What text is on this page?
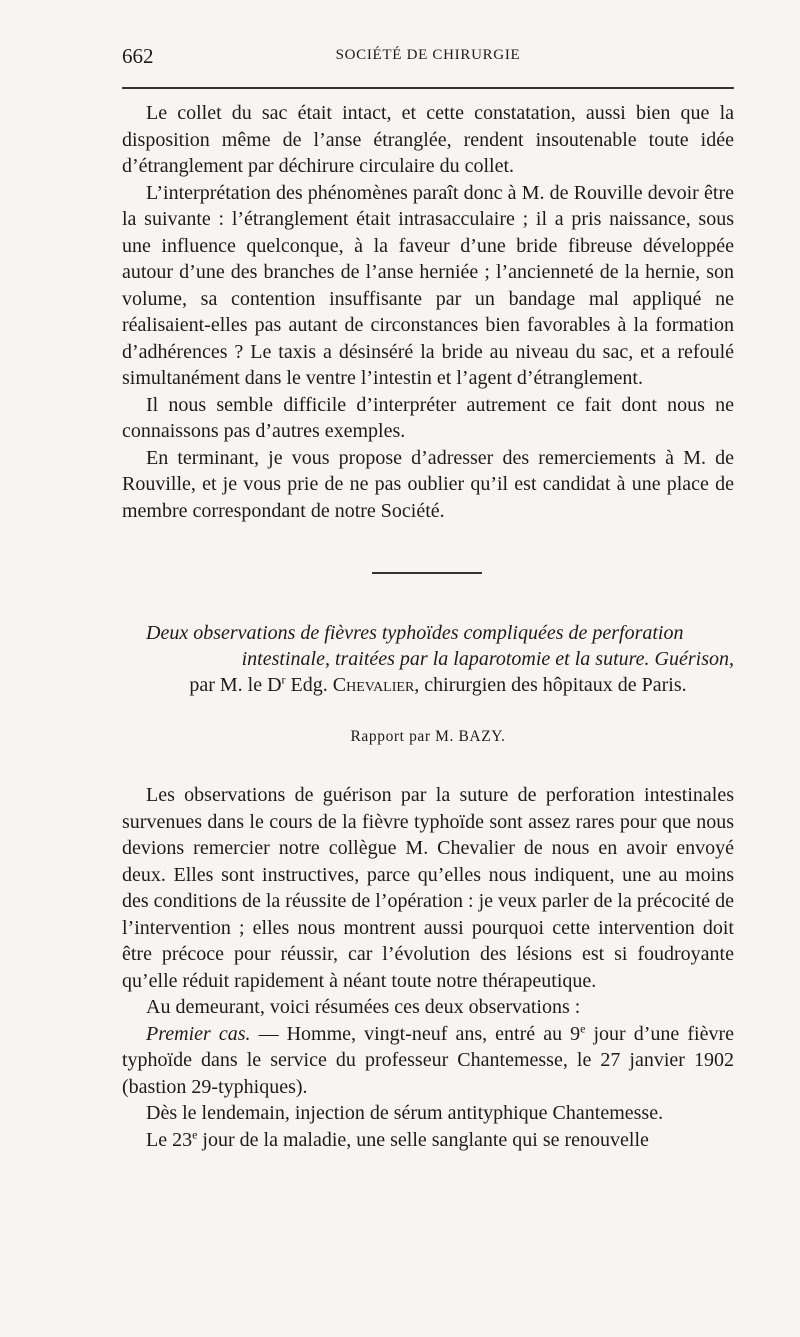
662	SOCIÉTÉ DE CHIRURGIE

Le collet du sac était intact, et cette constatation, aussi bien que la disposition même de l’anse étranglée, rendent insoutenable toute idée d’étranglement par déchirure circulaire du collet.

L’interprétation des phénomènes paraît donc à M. de Rouville devoir être la suivante : l’étranglement était intrasacculaire ; il a pris naissance, sous une influence quelconque, à la faveur d’une bride fibreuse développée autour d’une des branches de l’anse herniée ; l’ancienneté de la hernie, son volume, sa contention insuffisante par un bandage mal appliqué ne réalisaient-elles pas autant de circonstances bien favorables à la formation d’adhérences ? Le taxis a désinséré la bride au niveau du sac, et a refoulé simultanément dans le ventre l’intestin et l’agent d’étranglement.

Il nous semble difficile d’interpréter autrement ce fait dont nous ne connaissons pas d’autres exemples.

En terminant, je vous propose d’adresser des remerciements à M. de Rouville, et je vous prie de ne pas oublier qu’il est candidat à une place de membre correspondant de notre Société.

Deux observations de fièvres typhoïdes compliquées de perforation
intestinale, traitées par la laparotomie et la suture. Guérison,
par M. le $D^r$ Edg. Chevalier, chirurgien des hôpitaux de Paris.
Rapport par M. BAZY.

Les observations de guérison par la suture de perforation intestinales survenues dans le cours de la fièvre typhoïde sont assez rares pour que nous devions remercier notre collègue M. Chevalier de nous en avoir envoyé deux. Elles sont instructives, parce qu’elles nous indiquent, une au moins des conditions de la réussite de l’opération : je veux parler de la précocité de l’intervention ; elles nous montrent aussi pourquoi cette intervention doit être précoce pour réussir, car l’évolution des lésions est si foudroyante qu’elle réduit rapidement à néant toute notre thérapeutique.

Au demeurant, voici résumées ces deux observations :

Premier cas. — Homme, vingt-neuf ans, entré au 9e jour d’une fièvre typhoïde dans le service du professeur Chantemesse, le 27 janvier 1902 (bastion 29-typhiques).

Dès le lendemain, injection de sérum antityphique Chantemesse.

Le 23e jour de la maladie, une selle sanglante qui se renouvelle
